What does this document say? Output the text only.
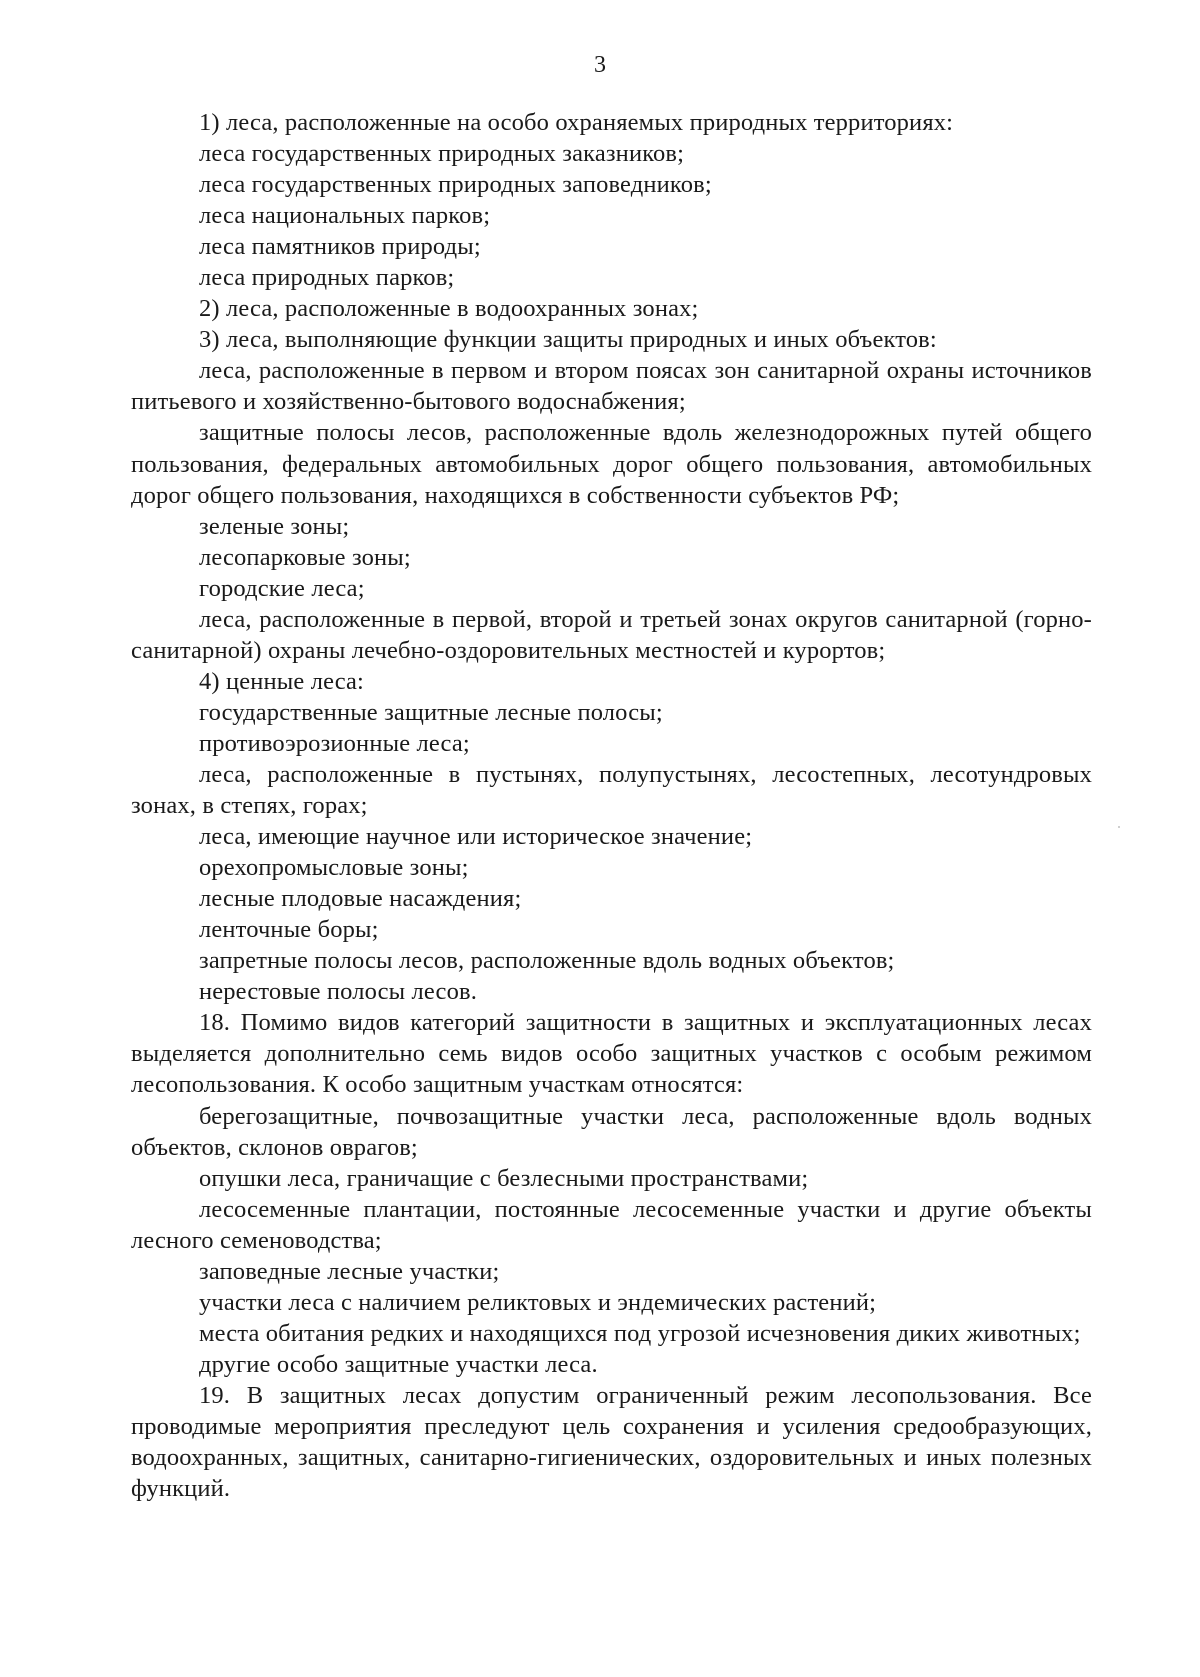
3

1) леса, расположенные на особо охраняемых природных территориях:

леса государственных природных заказников;

леса государственных природных заповедников;

леса национальных парков;

леса памятников природы;

леса природных парков;

2) леса, расположенные в водоохранных зонах;

3) леса, выполняющие функции защиты природных и иных объектов:

леса, расположенные в первом и втором поясах зон санитарной охраны источников питьевого и хозяйственно-бытового водоснабжения;

защитные полосы лесов, расположенные вдоль железнодорожных путей общего пользования, федеральных автомобильных дорог общего пользования, автомобильных дорог общего пользования, находящихся в собственности субъектов РФ;

зеленые зоны;

лесопарковые зоны;

городские леса;

леса, расположенные в первой, второй и третьей зонах округов санитарной (горно-санитарной) охраны лечебно-оздоровительных местностей и курортов;

4) ценные леса:

государственные защитные лесные полосы;

противоэрозионные леса;

леса, расположенные в пустынях, полупустынях, лесостепных, лесотундровых зонах, в степях, горах;

леса, имеющие научное или историческое значение;

орехопромысловые зоны;

лесные плодовые насаждения;

ленточные боры;

запретные полосы лесов, расположенные вдоль водных объектов;

нерестовые полосы лесов.

18. Помимо видов категорий защитности в защитных и эксплуатационных лесах выделяется дополнительно семь видов особо защитных участков с особым режимом лесопользования. К особо защитным участкам относятся:

берегозащитные, почвозащитные участки леса, расположенные вдоль водных объектов, склонов оврагов;

опушки леса, граничащие с безлесными пространствами;

лесосеменные плантации, постоянные лесосеменные участки и другие объекты лесного семеноводства;

заповедные лесные участки;

участки леса с наличием реликтовых и эндемических растений;

места обитания редких и находящихся под угрозой исчезновения диких животных;

другие особо защитные участки леса.

19. В защитных лесах допустим ограниченный режим лесопользования. Все проводимые мероприятия преследуют цель сохранения и усиления средообразующих, водоохранных, защитных, санитарно-гигиенических, оздоровительных и иных полезных функций.
